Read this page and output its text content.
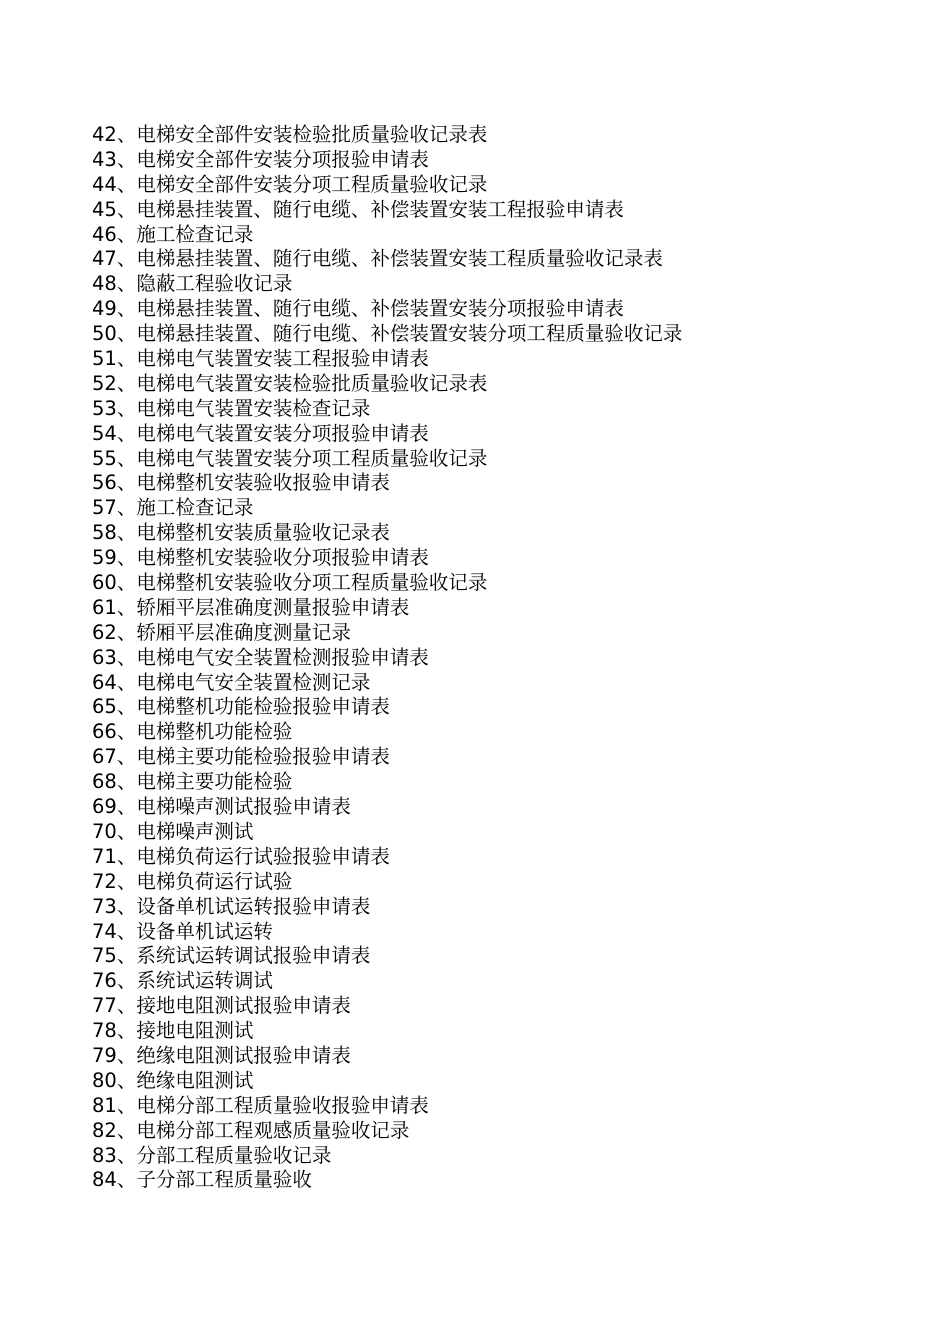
42、电梯安全部件安装检验批质量验收记录表
43、电梯安全部件安装分项报验申请表
44、电梯安全部件安装分项工程质量验收记录
45、电梯悬挂装置、随行电缆、补偿装置安装工程报验申请表
46、施工检查记录
47、电梯悬挂装置、随行电缆、补偿装置安装工程质量验收记录表
48、隐蔽工程验收记录
49、电梯悬挂装置、随行电缆、补偿装置安装分项报验申请表
50、电梯悬挂装置、随行电缆、补偿装置安装分项工程质量验收记录
51、电梯电气装置安装工程报验申请表
52、电梯电气装置安装检验批质量验收记录表
53、电梯电气装置安装检查记录
54、电梯电气装置安装分项报验申请表
55、电梯电气装置安装分项工程质量验收记录
56、电梯整机安装验收报验申请表
57、施工检查记录
58、电梯整机安装质量验收记录表
59、电梯整机安装验收分项报验申请表
60、电梯整机安装验收分项工程质量验收记录
61、轿厢平层准确度测量报验申请表
62、轿厢平层准确度测量记录
63、电梯电气安全装置检测报验申请表
64、电梯电气安全装置检测记录
65、电梯整机功能检验报验申请表
66、电梯整机功能检验
67、电梯主要功能检验报验申请表
68、电梯主要功能检验
69、电梯噪声测试报验申请表
70、电梯噪声测试
71、电梯负荷运行试验报验申请表
72、电梯负荷运行试验
73、设备单机试运转报验申请表
74、设备单机试运转
75、系统试运转调试报验申请表
76、系统试运转调试
77、接地电阻测试报验申请表
78、接地电阻测试
79、绝缘电阻测试报验申请表
80、绝缘电阻测试
81、电梯分部工程质量验收报验申请表
82、电梯分部工程观感质量验收记录
83、分部工程质量验收记录
84、子分部工程质量验收
